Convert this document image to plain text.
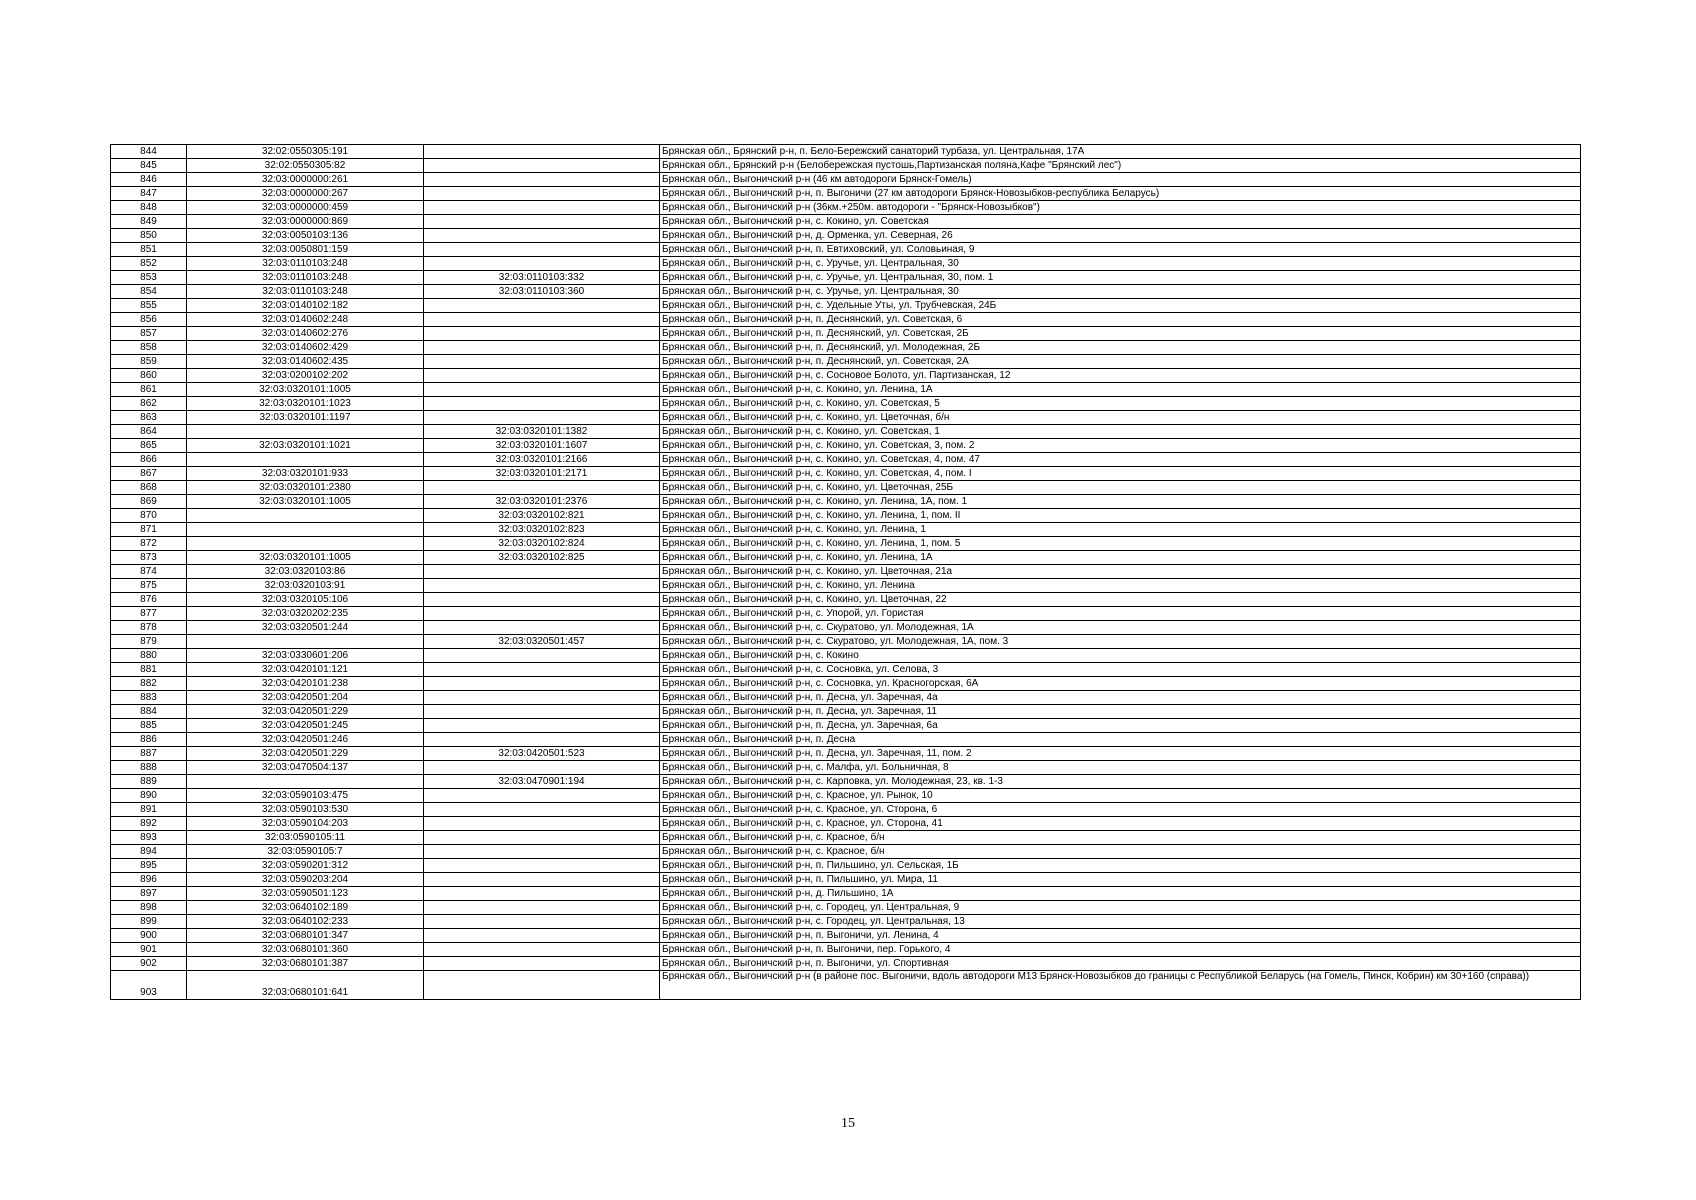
844	32:02:0550305:191		Брянская обл., Брянский р-н, п. Бело-Бережский санаторий турбаза, ул. Центральная, 17А
845	32:02:0550305:82		Брянская обл., Брянский р-н (Белобережская пустошь,Партизанская поляна,Кафе "Брянский лес")
846	32:03:0000000:261		Брянская обл., Выгоничский р-н (46 км автодороги Брянск-Гомель)
847	32:03:0000000:267		Брянская обл., Выгоничский р-н, п. Выгоничи (27 км автодороги Брянск-Новозыбков-республика Беларусь)
848	32:03:0000000:459		Брянская обл., Выгоничский р-н (36км.+250м. автодороги - "Брянск-Новозыбков")
849	32:03:0000000:869		Брянская обл., Выгоничский р-н, с. Кокино, ул. Советская
850	32:03:0050103:136		Брянская обл., Выгоничский р-н, д. Орменка, ул. Северная, 26
851	32:03:0050801:159		Брянская обл., Выгоничский р-н, п. Евтиховский, ул. Соловьиная, 9
852	32:03:0110103:248		Брянская обл., Выгоничский р-н, с. Уручье, ул. Центральная, 30
853	32:03:0110103:248	32:03:0110103:332	Брянская обл., Выгоничский р-н, с. Уручье, ул. Центральная, 30, пом. 1
854	32:03:0110103:248	32:03:0110103:360	Брянская обл., Выгоничский р-н, с. Уручье, ул. Центральная, 30
855	32:03:0140102:182		Брянская обл., Выгоничский р-н, с. Удельные Уты, ул. Трубчевская, 24Б
856	32:03:0140602:248		Брянская обл., Выгоничский р-н, п. Деснянский, ул. Советская, 6
857	32:03:0140602:276		Брянская обл., Выгоничский р-н, п. Деснянский, ул. Советская, 2Б
858	32:03:0140602:429		Брянская обл., Выгоничский р-н, п. Деснянский, ул. Молодежная, 2Б
859	32:03:0140602:435		Брянская обл., Выгоничский р-н, п. Деснянский, ул. Советская, 2А
860	32:03:0200102:202		Брянская обл., Выгоничский р-н, с. Сосновое Болото, ул. Партизанская, 12
861	32:03:0320101:1005		Брянская обл., Выгоничский р-н, с. Кокино, ул. Ленина, 1А
862	32:03:0320101:1023		Брянская обл., Выгоничский р-н, с. Кокино, ул. Советская, 5
863	32:03:0320101:1197		Брянская обл., Выгоничский р-н, с. Кокино, ул. Цветочная, б/н
864		32:03:0320101:1382	Брянская обл., Выгоничский р-н, с. Кокино, ул. Советская, 1
865	32:03:0320101:1021	32:03:0320101:1607	Брянская обл., Выгоничский р-н, с. Кокино, ул. Советская, 3, пом. 2
866		32:03:0320101:2166	Брянская обл., Выгоничский р-н, с. Кокино, ул. Советская, 4, пом. 47
867	32:03:0320101:933	32:03:0320101:2171	Брянская обл., Выгоничский р-н, с. Кокино, ул. Советская, 4, пом. I
868	32:03:0320101:2380		Брянская обл., Выгоничский р-н, с. Кокино, ул. Цветочная, 25Б
869	32:03:0320101:1005	32:03:0320101:2376	Брянская обл., Выгоничский р-н, с. Кокино, ул. Ленина, 1А, пом. 1
870		32:03:0320102:821	Брянская обл., Выгоничский р-н, с. Кокино, ул. Ленина, 1, пом. II
871		32:03:0320102:823	Брянская обл., Выгоничский р-н, с. Кокино, ул. Ленина, 1
872		32:03:0320102:824	Брянская обл., Выгоничский р-н, с. Кокино, ул. Ленина, 1, пом. 5
873	32:03:0320101:1005	32:03:0320102:825	Брянская обл., Выгоничский р-н, с. Кокино, ул. Ленина, 1А
874	32:03:0320103:86		Брянская обл., Выгоничский р-н, с. Кокино, ул. Цветочная, 21а
875	32:03:0320103:91		Брянская обл., Выгоничский р-н, с. Кокино, ул. Ленина
876	32:03:0320105:106		Брянская обл., Выгоничский р-н, с. Кокино, ул. Цветочная, 22
877	32:03:0320202:235		Брянская обл., Выгоничский р-н, с. Упорой, ул. Гористая
878	32:03:0320501:244		Брянская обл., Выгоничский р-н, с. Скуратово, ул. Молодежная, 1А
879		32:03:0320501:457	Брянская обл., Выгоничский р-н, с. Скуратово, ул. Молодежная, 1А, пом. 3
880	32:03:0330601:206		Брянская обл., Выгоничский р-н, с. Кокино
881	32:03:0420101:121		Брянская обл., Выгоничский р-н, с. Сосновка, ул. Селова, 3
882	32:03:0420101:238		Брянская обл., Выгоничский р-н, с. Сосновка, ул. Красногорская, 6А
883	32:03:0420501:204		Брянская обл., Выгоничский р-н, п. Десна, ул. Заречная, 4а
884	32:03:0420501:229		Брянская обл., Выгоничский р-н, п. Десна, ул. Заречная, 11
885	32:03:0420501:245		Брянская обл., Выгоничский р-н, п. Десна, ул. Заречная, 6а
886	32:03:0420501:246		Брянская обл., Выгоничский р-н, п. Десна
887	32:03:0420501:229	32:03:0420501:523	Брянская обл., Выгоничский р-н, п. Десна, ул. Заречная, 11, пом. 2
888	32:03:0470504:137		Брянская обл., Выгоничский р-н, с. Малфа, ул. Больничная, 8
889		32:03:0470901:194	Брянская обл., Выгоничский р-н, с. Карповка, ул. Молодежная, 23, кв. 1-3
890	32:03:0590103:475		Брянская обл., Выгоничский р-н, с. Красное, ул. Рынок, 10
891	32:03:0590103:530		Брянская обл., Выгоничский р-н, с. Красное, ул. Сторона, 6
892	32:03:0590104:203		Брянская обл., Выгоничский р-н, с. Красное, ул. Сторона, 41
893	32:03:0590105:11		Брянская обл., Выгоничский р-н, с. Красное, б/н
894	32:03:0590105:7		Брянская обл., Выгоничский р-н, с. Красное, б/н
895	32:03:0590201:312		Брянская обл., Выгоничский р-н, п. Пильшино, ул. Сельская, 1Б
896	32:03:0590203:204		Брянская обл., Выгоничский р-н, п. Пильшино, ул. Мира, 11
897	32:03:0590501:123		Брянская обл., Выгоничский р-н, д. Пильшино, 1А
898	32:03:0640102:189		Брянская обл., Выгоничский р-н, с. Городец, ул. Центральная, 9
899	32:03:0640102:233		Брянская обл., Выгоничский р-н, с. Городец, ул. Центральная, 13
900	32:03:0680101:347		Брянская обл., Выгоничский р-н, п. Выгоничи, ул. Ленина, 4
901	32:03:0680101:360		Брянская обл., Выгоничский р-н, п. Выгоничи, пер. Горького, 4
902	32:03:0680101:387		Брянская обл., Выгоничский р-н, п. Выгоничи, ул. Спортивная
903	32:03:0680101:641		Брянская обл., Выгоничский р-н (в районе пос. Выгоничи, вдоль автодороги М13 Брянск-Новозыбков до границы с Республикой Беларусь (на Гомель, Пинск, Кобрин) км 30+160 (справа))
15
